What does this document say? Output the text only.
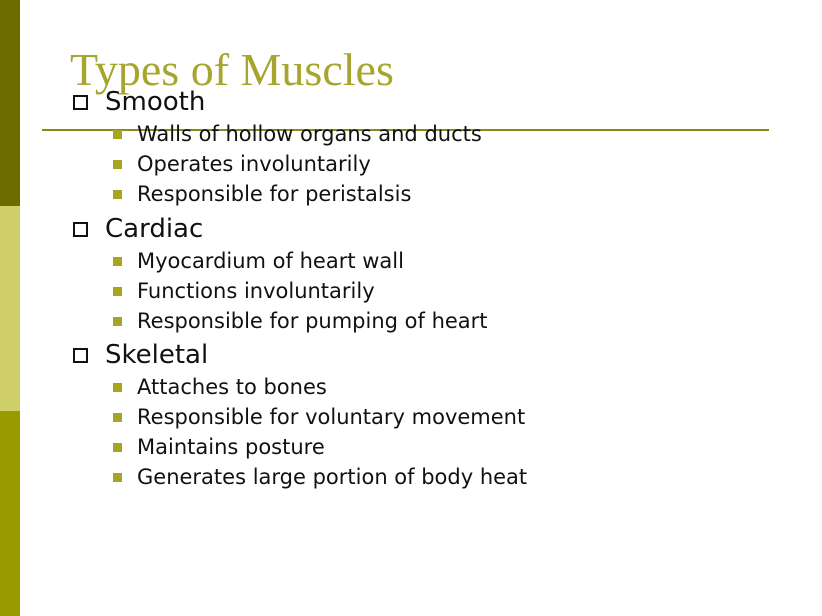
Types of Muscles
Smooth
Walls of hollow organs and ducts
Operates involuntarily
Responsible for peristalsis
Cardiac
Myocardium of heart wall
Functions involuntarily
Responsible for pumping of heart
Skeletal
Attaches to bones
Responsible for voluntary movement
Maintains posture
Generates large portion of body heat
